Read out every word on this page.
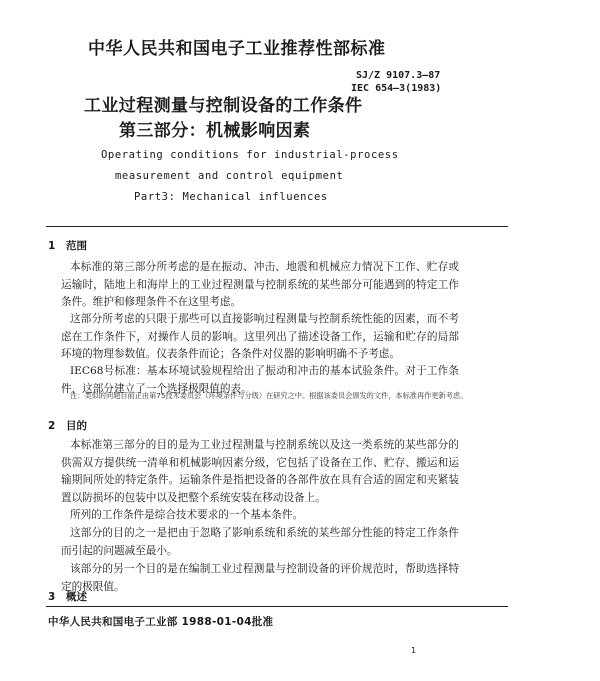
中华人民共和国电子工业推荐性部标准
SJ/Z 9107.3—87
IEC 654—3(1983)
工业过程测量与控制设备的工作条件
第三部分：机械影响因素
Operating conditions for industrial-process
measurement and control equipment
Part3: Mechanical influences
1 范围

本标准的第三部分所考虑的是在振动、冲击、地震和机械应力情况下工作、贮存或运输时，陆地上和海岸上的工业过程测量与控制系统的某些部分可能遇到的特定工作条件。维护和修理条件不在这里考虑。

这部分所考虑的只限于那些可以直接影响过程测量与控制系统性能的因素，而不考虑在工作条件下，对操作人员的影响。这里列出了描述设备工作，运输和贮存的局部环境的物理参数值。仪表条件而论；各条件对仪器的影响明确不予考虑。

IEC68号标准：基本环境试验规程给出了振动和冲击的基本试验条件。对于工作条件，这部分建立了一个选择极限值的表。

注：类似的问题目前正由第75技术委员会（环境条件与分级）在研究之中。根据该委员会颁发的文件，本标准再作更新考虑。

2 目的

本标准第三部分的目的是为工业过程测量与控制系统以及这一类系统的某些部分的供需双方提供统一清单和机械影响因素分级，它包括了设备在工作、贮存、搬运和运输期间所处的特定条件。运输条件是指把设备的各部件放在具有合适的固定和夹紧装置以防损坏的包装中以及把整个系统安装在移动设备上。

所列的工作条件是综合技术要求的一个基本条件。

这部分的目的之一是把由于忽略了影响系统和系统的某些部分性能的特定工作条件而引起的问题减至最小。

该部分的另一个目的是在编制工业过程测量与控制设备的评价规范时，帮助选择特定的极限值。

3 概述
中华人民共和国电子工业部 1988-01-04批准
1
